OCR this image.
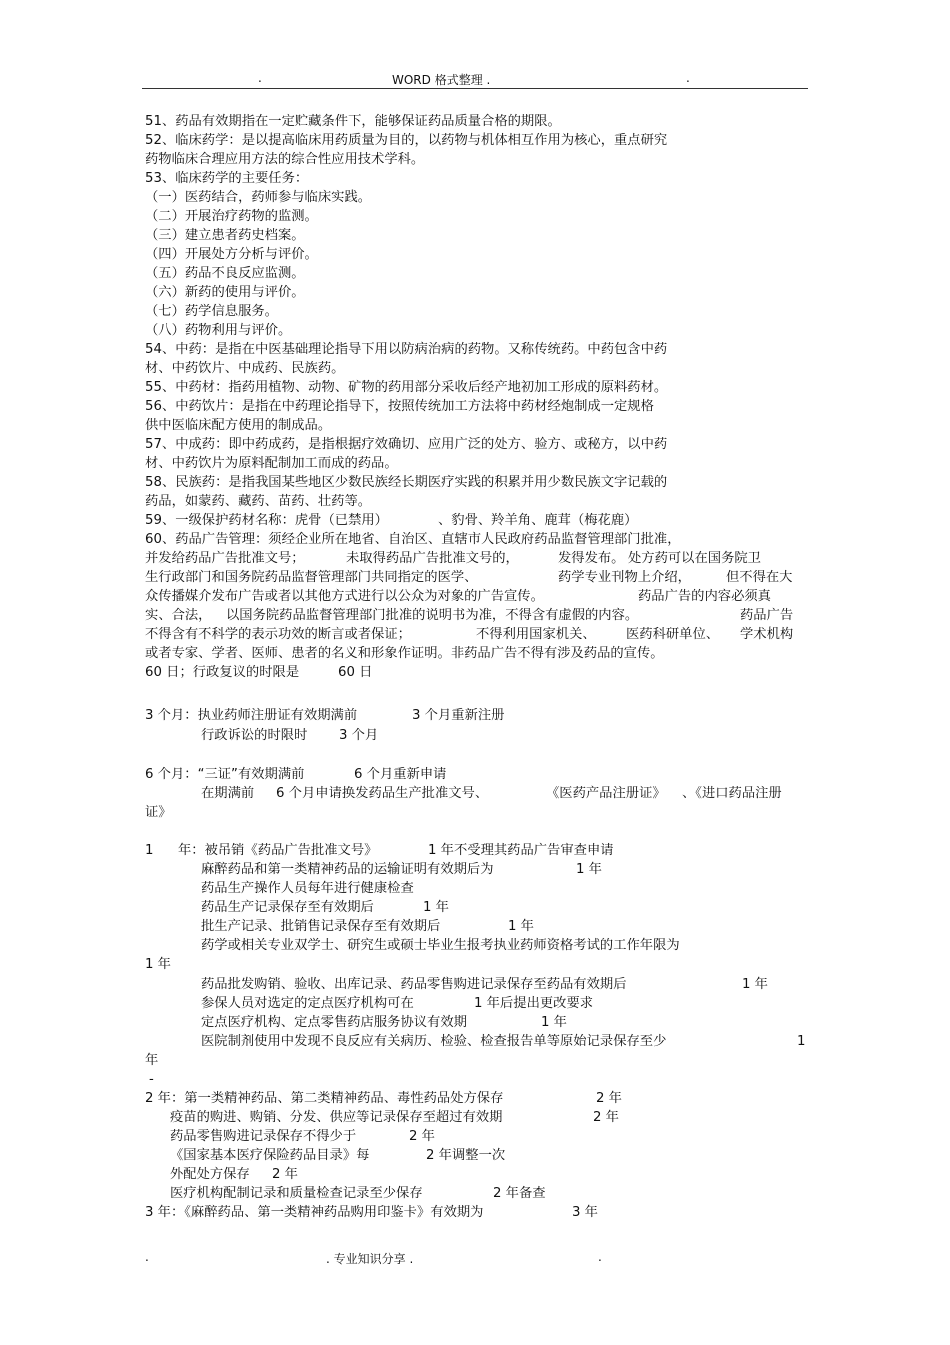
.	WORD 格式整理 .	.
51、药品有效期指在一定贮藏条件下，能够保证药品质量合格的期限。
52、临床药学：是以提高临床用药质量为目的，以药物与机体相互作用为核心，重点研究
药物临床合理应用方法的综合性应用技术学科。
53、临床药学的主要任务：
（一）医药结合，药师参与临床实践。
（二）开展治疗药物的监测。
（三）建立患者药史档案。
（四）开展处方分析与评价。
（五）药品不良反应监测。
（六）新药的使用与评价。
（七）药学信息服务。
（八）药物利用与评价。
54、中药：是指在中医基础理论指导下用以防病治病的药物。又称传统药。中药包含中药
材、中药饮片、中成药、民族药。
55、中药材：指药用植物、动物、矿物的药用部分采收后经产地初加工形成的原料药材。
56、中药饮片：是指在中药理论指导下，按照传统加工方法将中药材经炮制成一定规格
供中医临床配方使用的制成品。
57、中成药：即中药成药，是指根据疗效确切、应用广泛的处方、验方、或秘方，以中药
材、中药饮片为原料配制加工而成的药品。
58、民族药：是指我国某些地区少数民族经长期医疗实践的积累并用少数民族文字记载的
药品，如蒙药、藏药、苗药、壮药等。
59、一级保护药材名称：虎骨（已禁用）	、豹骨、羚羊角、鹿茸（梅花鹿）
60、药品广告管理：须经企业所在地省、自治区、直辖市人民政府药品监督管理部门批准，
并发给药品广告批准文号；	未取得药品广告批准文号的，	发得发布。 处方药可以在国务院卫
生行政部门和国务院药品监督管理部门共同指定的医学、	药学专业刊物上介绍，	但不得在大
众传播媒介发布广告或者以其他方式进行以公众为对象的广告宣传。	药品广告的内容必须真
实、合法， 以国务院药品监督管理部门批准的说明书为准，不得含有虚假的内容。	药品广告
不得含有不科学的表示功效的断言或者保证；	不得利用国家机关、 医药科研单位、 学术机构
或者专家、学者、医师、患者的名义和形象作证明。非药品广告不得有涉及药品的宣传。
60 日；行政复议的时限是	60 日
3 个月：执业药师注册证有效期满前	3 个月重新注册
行政诉讼的时限时 3 个月
6 个月：“三证”有效期满前	6 个月重新申请
在期满前 6 个月申请换发药品生产批准文号、	《医药产品注册证》 、《进口药品注册
证》
1 年：被吊销《药品广告批准文号》	1 年不受理其药品广告审查申请
麻醉药品和第一类精神药品的运输证明有效期后为	1 年
药品生产操作人员每年进行健康检查
药品生产记录保存至有效期后	1 年
批生产记录、批销售记录保存至有效期后	1 年
药学或相关专业双学士、研究生或硕士毕业生报考执业药师资格考试的工作年限为
1 年
药品批发购销、验收、出库记录、药品零售购进记录保存至药品有效期后	1 年
参保人员对选定的定点医疗机构可在	1 年后提出更改要求
定点医疗机构、定点零售药店服务协议有效期	1 年
医院制剂使用中发现不良反应有关病历、检验、检查报告单等原始记录保存至少	1
年
-
2 年：第一类精神药品、第二类精神药品、毒性药品处方保存	2 年
疫苗的购进、购销、分发、供应等记录保存至超过有效期	2 年
药品零售购进记录保存不得少于	2 年
《国家基本医疗保险药品目录》每	2 年调整一次
外配处方保存 2 年
医疗机构配制记录和质量检查记录至少保存	2 年备查
3 年：《麻醉药品、第一类精神药品购用印鉴卡》有效期为	3 年
.	. 专业知识分享 .	.
